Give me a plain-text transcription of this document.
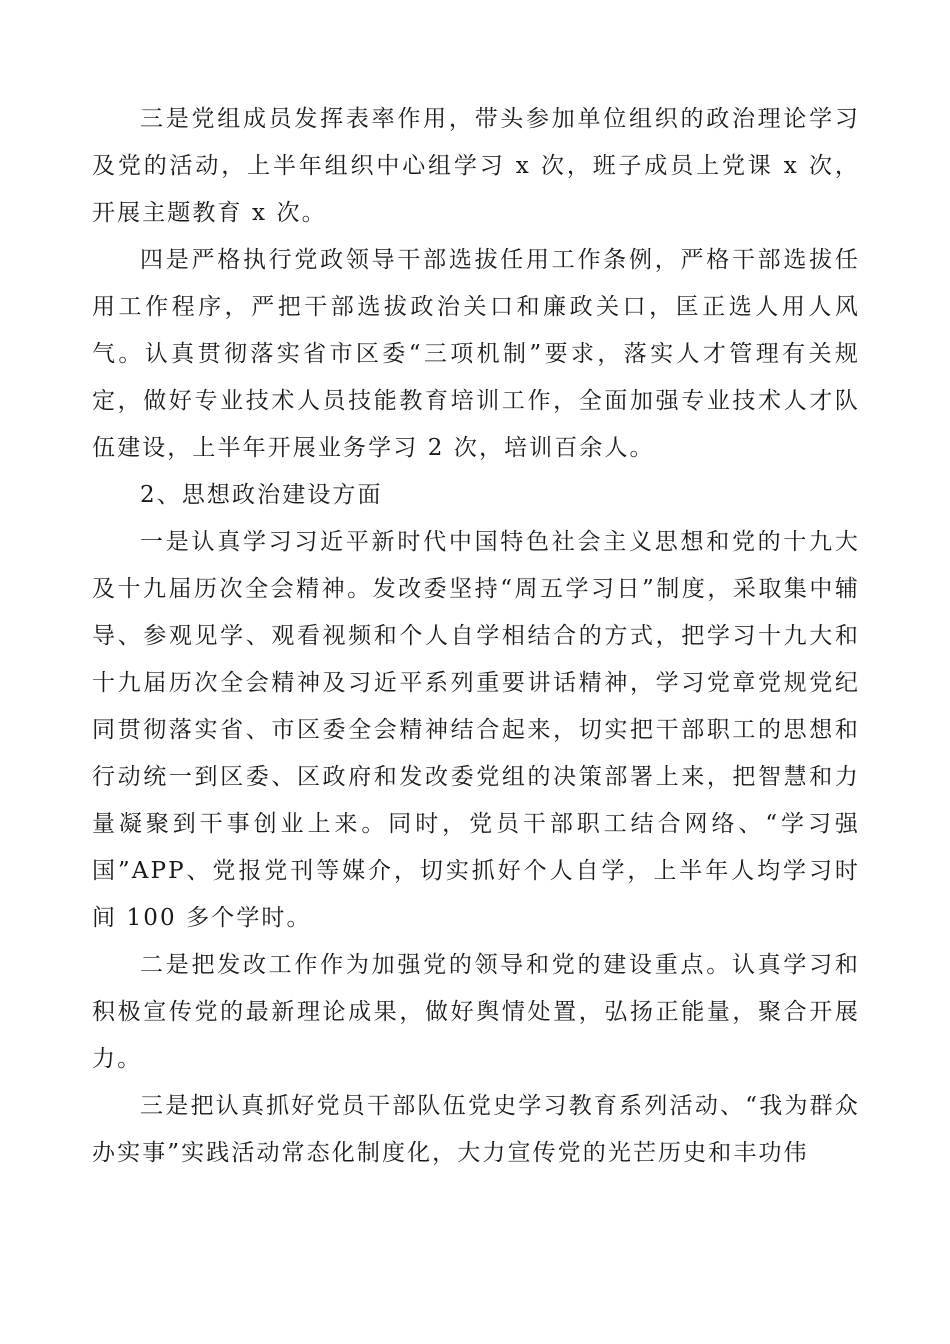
三是党组成员发挥表率作用，带头参加单位组织的政治理论学习及党的活动，上半年组织中心组学习 x 次，班子成员上党课 x 次，开展主题教育 x 次。

四是严格执行党政领导干部选拔任用工作条例，严格干部选拔任用工作程序，严把干部选拔政治关口和廉政关口，匡正选人用人风气。认真贯彻落实省市区委“三项机制”要求，落实人才管理有关规定，做好专业技术人员技能教育培训工作，全面加强专业技术人才队伍建设，上半年开展业务学习 2 次，培训百余人。

2、思想政治建设方面

一是认真学习习近平新时代中国特色社会主义思想和党的十九大及十九届历次全会精神。发改委坚持“周五学习日”制度，采取集中辅导、参观见学、观看视频和个人自学相结合的方式，把学习十九大和十九届历次全会精神及习近平系列重要讲话精神，学习党章党规党纪同贯彻落实省、市区委全会精神结合起来，切实把干部职工的思想和行动统一到区委、区政府和发改委党组的决策部署上来，把智慧和力量凝聚到干事创业上来。同时，党员干部职工结合网络、“学习强国”APP、党报党刊等媒介，切实抓好个人自学，上半年人均学习时间 100 多个学时。

二是把发改工作作为加强党的领导和党的建设重点。认真学习和积极宣传党的最新理论成果，做好舆情处置，弘扬正能量，聚合开展力。

三是把认真抓好党员干部队伍党史学习教育系列活动、“我为群众办实事”实践活动常态化制度化，大力宣传党的光芒历史和丰功伟
